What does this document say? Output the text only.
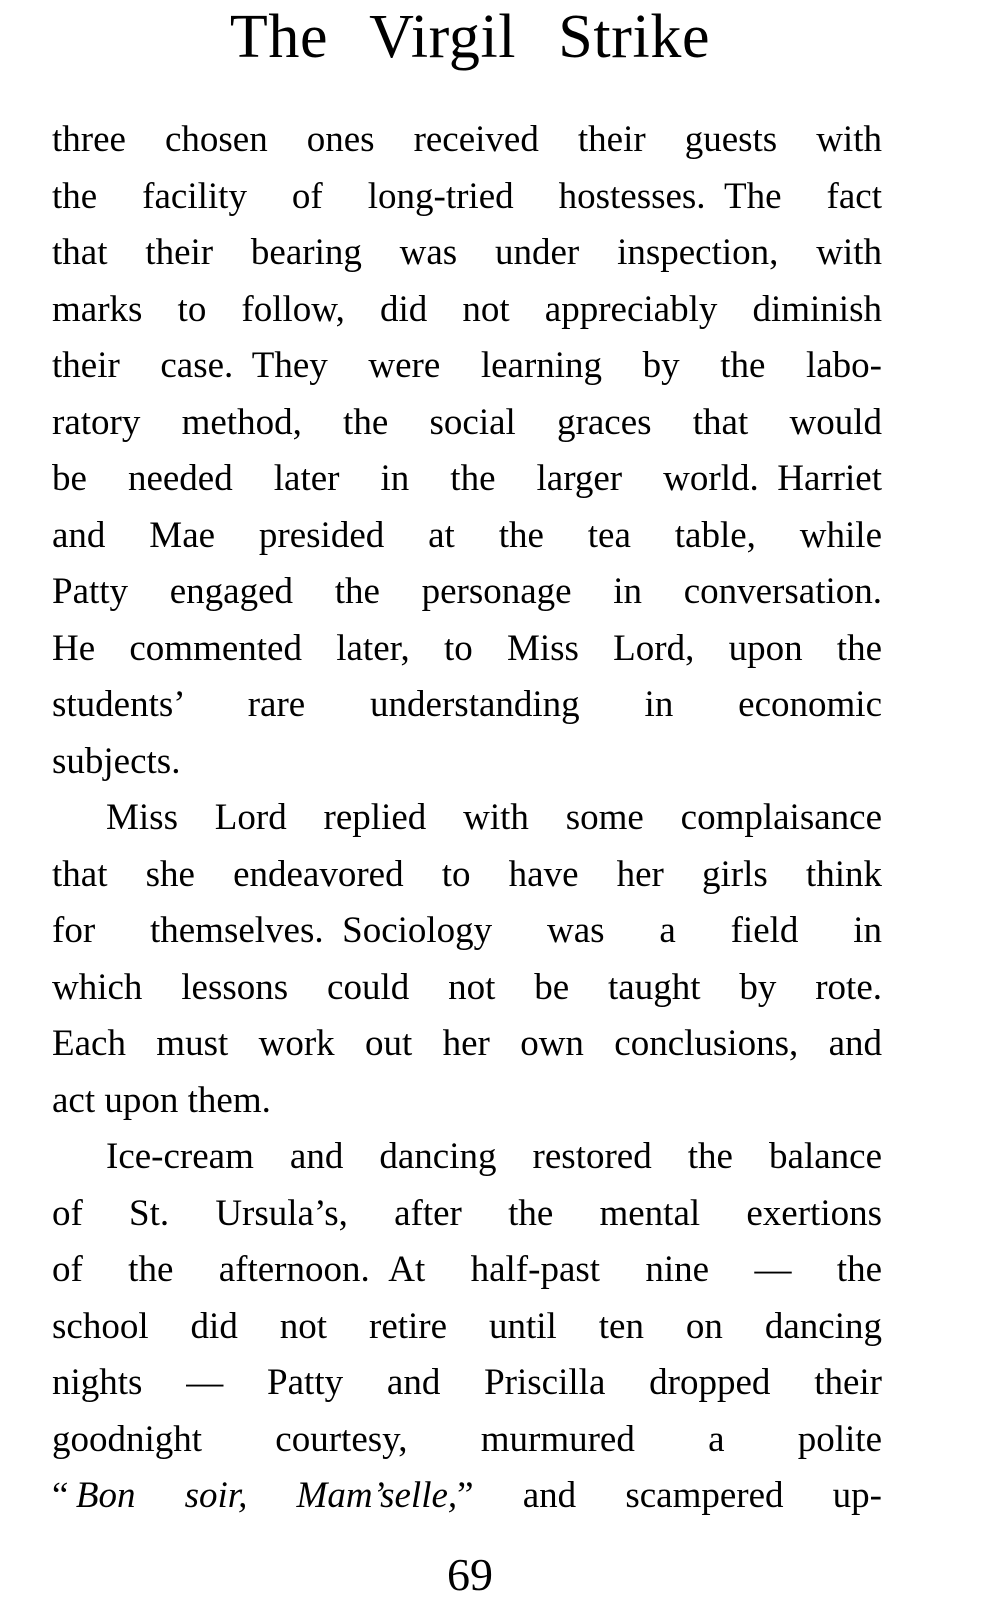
The Virgil Strike
three chosen ones received their guests with
the facility of long-tried hostesses. The fact
that their bearing was under inspection, with
marks to follow, did not appreciably diminish
their case. They were learning by the labo-
ratory method, the social graces that would
be needed later in the larger world. Harriet
and Mae presided at the tea table, while
Patty engaged the personage in conversation.
He commented later, to Miss Lord, upon the
students’ rare understanding in economic
subjects.
Miss Lord replied with some complaisance
that she endeavored to have her girls think
for themselves. Sociology was a field in
which lessons could not be taught by rote.
Each must work out her own conclusions, and
act upon them.
Ice-cream and dancing restored the balance
of St. Ursula’s, after the mental exertions
of the afternoon. At half-past nine — the
school did not retire until ten on dancing
nights — Patty and Priscilla dropped their
goodnight courtesy, murmured a polite
“ Bon soir, Mam’selle,” and scampered up-
69
